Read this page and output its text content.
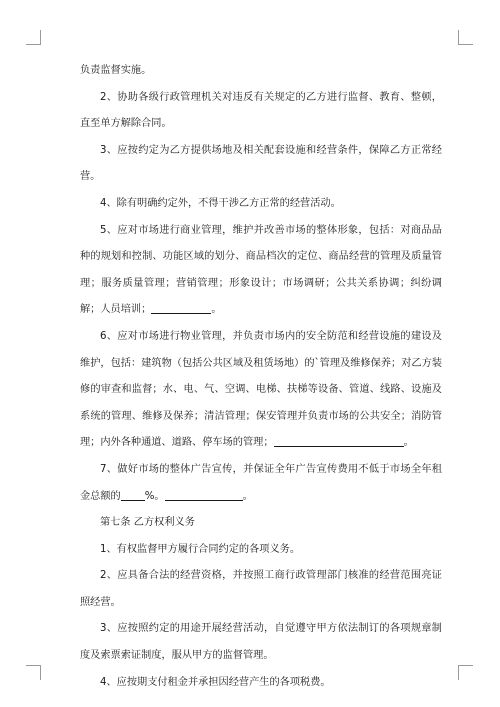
负责监督实施。

2、协助各级行政管理机关对违反有关规定的乙方进行监督、教育、整顿，直至单方解除合同。

3、应按约定为乙方提供场地及相关配套设施和经营条件，保障乙方正常经营。

4、除有明确约定外，不得干涉乙方正常的经营活动。

5、应对市场进行商业管理，维护并改善市场的整体形象，包括：对商品品种的规划和控制、功能区域的划分、商品档次的定位、商品经营的管理及质量管理；服务质量管理；营销管理；形象设计；市场调研；公共关系协调；纠纷调解；人员培训；	。

6、应对市场进行物业管理，并负责市场内的安全防范和经营设施的建设及维护，包括：建筑物（包括公共区域及租赁场地）的`管理及维修保养；对乙方装修的审查和监督；水、电、气、空调、电梯、扶梯等设备、管道、线路、设施及系统的管理、维修及保养；清洁管理；保安管理并负责市场的公共安全；消防管理；内外各种通道、道路、停车场的管理；	。

7、做好市场的整体广告宣传，并保证全年广告宣传费用不低于市场全年租金总额的 %。	。

第七条 乙方权利义务

1、有权监督甲方履行合同约定的各项义务。

2、应具备合法的经营资格，并按照工商行政管理部门核准的经营范围亮证照经营。

3、应按照约定的用途开展经营活动，自觉遵守甲方依法制订的各项规章制度及索票索证制度，服从甲方的监督管理。

4、应按期支付租金并承担因经营产生的各项税费。
